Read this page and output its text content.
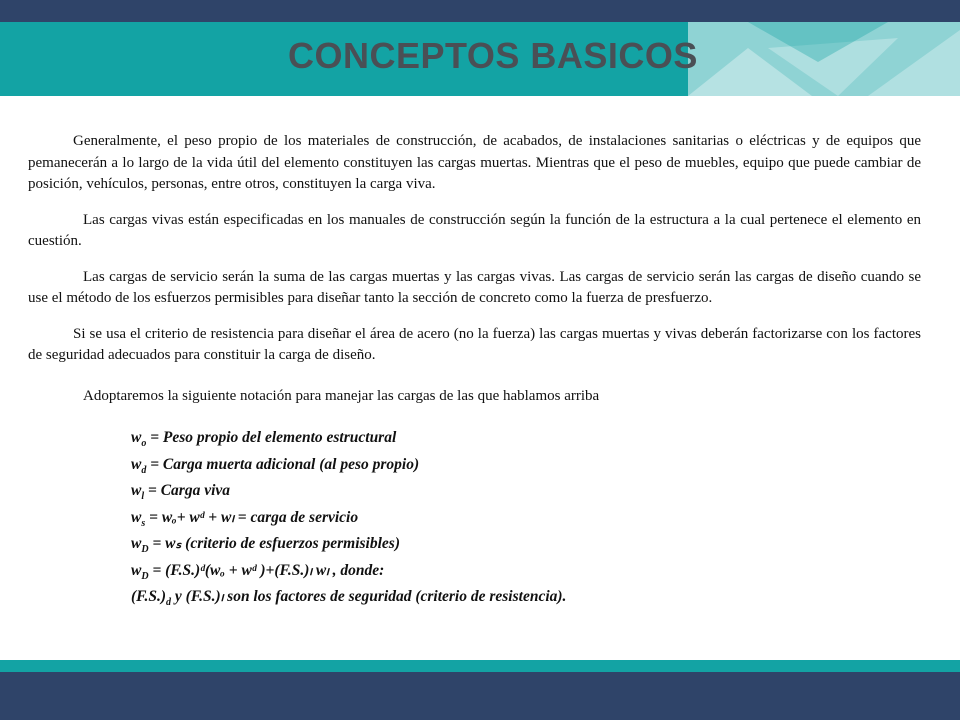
CONCEPTOS BASICOS

Generalmente, el peso propio de los materiales de construcción, de acabados, de instalaciones sanitarias o eléctricas y de equipos que pemanecerán a lo largo de la vida útil del elemento constituyen las cargas muertas. Mientras que el peso de muebles, equipo que puede cambiar de posición, vehículos, personas, entre otros, constituyen la carga viva.

Las cargas vivas están especificadas en los manuales de construcción según la función de la estructura a la cual pertenece el elemento en cuestión.

Las cargas de servicio serán la suma de las cargas muertas y las cargas vivas. Las cargas de servicio serán las cargas de diseño cuando se use el método de los esfuerzos permisibles para diseñar tanto la sección de concreto como la fuerza de presfuerzo.

Si se usa el criterio de resistencia para diseñar el área de acero (no la fuerza) las cargas muertas y vivas deberán factorizarse con los factores de seguridad adecuados para constituir la carga de diseño.

Adoptaremos la siguiente notación para manejar las cargas de las que hablamos arriba
$w_o$ = Peso propio del elemento estructural
$w_d$ = Carga muerta adicional (al peso propio)
$w_l$ = Carga viva
$w_s = w_o+$ wᵈ + wₗ = carga de servicio
$w_D = w_s$ (criterio de esfuerzos permisibles)
$w_D$ = (F.S.)ᵈ(wₒ + wᵈ )+(F.S.)ₗ wₗ , donde:
$(F.S.)_d$ y (F.S.)ₗ son los factores de seguridad (criterio de resistencia).
